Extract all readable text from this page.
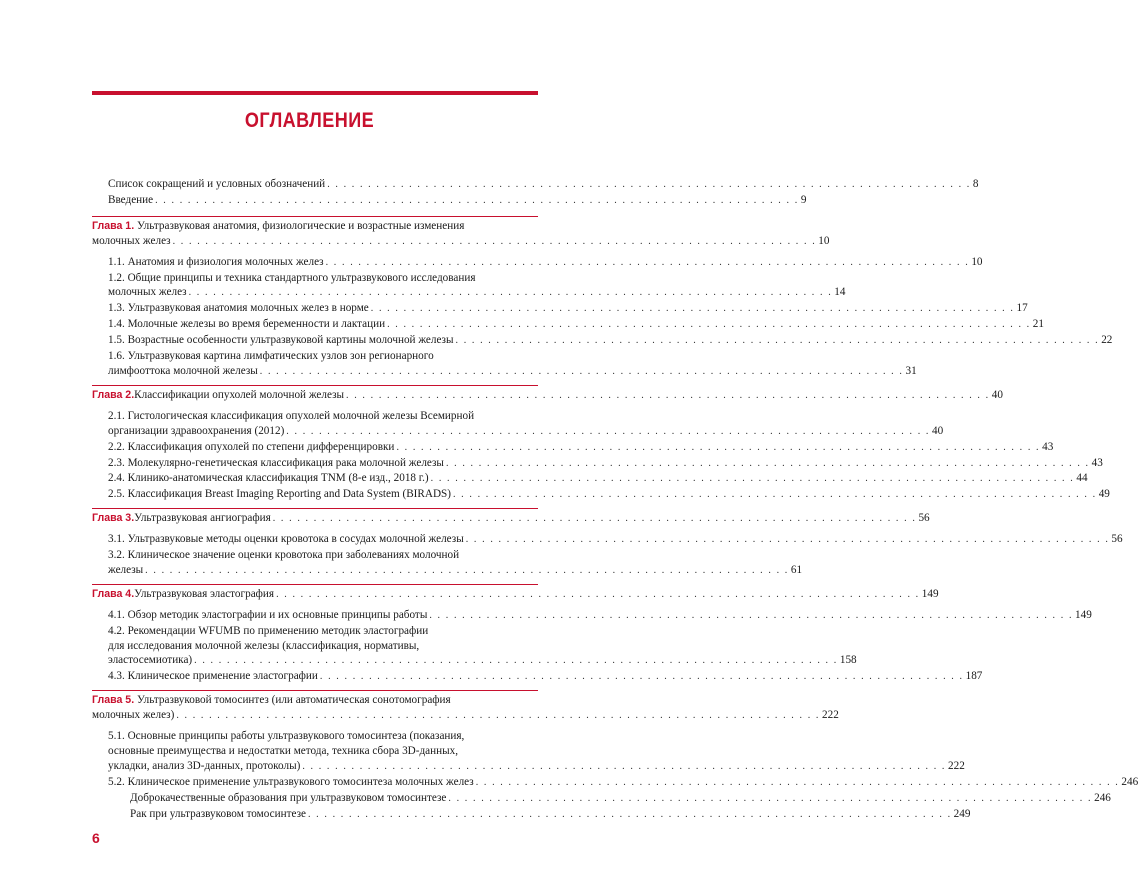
ОГЛАВЛЕНИЕ
Список сокращений и условных обозначений . . . . . . . . . . . . . . . . . . . . . . . . . . . . . . . . . . . . . . . . . . . . . . . . . . . . . . . . . . . . . . . . . . . . . . . . . . . . . . . 8
Введение . . . . . . . . . . . . . . . . . . . . . . . . . . . . . . . . . . . . . . . . . . . . . . . . . . . . . . . . . . . . . . . . . . . . . . . . . . . . . . . 9
Глава 1. Ультразвуковая анатомия, физиологические и возрастные изменения
молочных желез . . . . . . . . . . . . . . . . . . . . . . . . . . . . . . . . . . . . . . . . . . . . . . . . . . . . . . . . . . . . . . . . . . . . . . . . . . . . . . . 10
1.1. Анатомия и физиология молочных желез . . . . . . . . . . . . . . . . . . . . . . . . . . . . . . . . . . . . . . . . . . . . . . . . . . . . . . . . . . . . . . . . . . . . . . . . . . . . . . . 10
1.2. Общие принципы и техника стандартного ультразвукового исследования
молочных желез . . . . . . . . . . . . . . . . . . . . . . . . . . . . . . . . . . . . . . . . . . . . . . . . . . . . . . . . . . . . . . . . . . . . . . . . . . . . . . . 14
1.3. Ультразвуковая анатомия молочных желез в норме . . . . . . . . . . . . . . . . . . . . . . . . . . . . . . . . . . . . . . . . . . . . . . . . . . . . . . . . . . . . . . . . . . . . . . . . . . . . . . . 17
1.4. Молочные железы во время беременности и лактации . . . . . . . . . . . . . . . . . . . . . . . . . . . . . . . . . . . . . . . . . . . . . . . . . . . . . . . . . . . . . . . . . . . . . . . . . . . . . . . 21
1.5. Возрастные особенности ультразвуковой картины молочной железы . . . . . . . . . . . . . . . . . . . . . . . . . . . . . . . . . . . . . . . . . . . . . . . . . . . . . . . . . . . . . . . . . . . . . . . . . . . . . . . 22
1.6. Ультразвуковая картина лимфатических узлов зон регионарного
лимфооттока молочной железы . . . . . . . . . . . . . . . . . . . . . . . . . . . . . . . . . . . . . . . . . . . . . . . . . . . . . . . . . . . . . . . . . . . . . . . . . . . . . . . 31
Глава 2. Классификации опухолей молочной железы . . . . . . . . . . . . . . . . . . . . . . . . . . . . . . . . . . . . . . . . . . . . . . . . . . . . . . . . . . . . . . . . . . . . . . . . . . . . . . . 40
2.1. Гистологическая классификация опухолей молочной железы Всемирной
организации здравоохранения (2012) . . . . . . . . . . . . . . . . . . . . . . . . . . . . . . . . . . . . . . . . . . . . . . . . . . . . . . . . . . . . . . . . . . . . . . . . . . . . . . . 40
2.2. Классификация опухолей по степени дифференцировки . . . . . . . . . . . . . . . . . . . . . . . . . . . . . . . . . . . . . . . . . . . . . . . . . . . . . . . . . . . . . . . . . . . . . . . . . . . . . . . 43
2.3. Молекулярно-генетическая классификация рака молочной железы . . . . . . . . . . . . . . . . . . . . . . . . . . . . . . . . . . . . . . . . . . . . . . . . . . . . . . . . . . . . . . . . . . . . . . . . . . . . . . . 43
2.4. Клинико-анатомическая классификация TNM (8-е изд., 2018 г.) . . . . . . . . . . . . . . . . . . . . . . . . . . . . . . . . . . . . . . . . . . . . . . . . . . . . . . . . . . . . . . . . . . . . . . . . . . . . . . . 44
2.5. Классификация Breast Imaging Reporting and Data System (BIRADS) . . . . . . . . . . . . . . . . . . . . . . . . . . . . . . . . . . . . . . . . . . . . . . . . . . . . . . . . . . . . . . . . . . . . . . . . . . . . . . . 49
Глава 3. Ультразвуковая ангиография . . . . . . . . . . . . . . . . . . . . . . . . . . . . . . . . . . . . . . . . . . . . . . . . . . . . . . . . . . . . . . . . . . . . . . . . . . . . . . . 56
3.1. Ультразвуковые методы оценки кровотока в сосудах молочной железы . . . . . . . . . . . . . . . . . . . . . . . . . . . . . . . . . . . . . . . . . . . . . . . . . . . . . . . . . . . . . . . . . . . . . . . . . . . . . . . 56
3.2. Клиническое значение оценки кровотока при заболеваниях молочной
железы . . . . . . . . . . . . . . . . . . . . . . . . . . . . . . . . . . . . . . . . . . . . . . . . . . . . . . . . . . . . . . . . . . . . . . . . . . . . . . . 61
Глава 4. Ультразвуковая эластография . . . . . . . . . . . . . . . . . . . . . . . . . . . . . . . . . . . . . . . . . . . . . . . . . . . . . . . . . . . . . . . . . . . . . . . . . . . . . . . 149
4.1. Обзор методик эластографии и их основные принципы работы . . . . . . . . . . . . . . . . . . . . . . . . . . . . . . . . . . . . . . . . . . . . . . . . . . . . . . . . . . . . . . . . . . . . . . . . . . . . . . . 149
4.2. Рекомендации WFUMB по применению методик эластографии
для исследования молочной железы (классификация, нормативы,
эластосемиотика) . . . . . . . . . . . . . . . . . . . . . . . . . . . . . . . . . . . . . . . . . . . . . . . . . . . . . . . . . . . . . . . . . . . . . . . . . . . . . . . 158
4.3. Клиническое применение эластографии . . . . . . . . . . . . . . . . . . . . . . . . . . . . . . . . . . . . . . . . . . . . . . . . . . . . . . . . . . . . . . . . . . . . . . . . . . . . . . . 187
Глава 5. Ультразвуковой томосинтез (или автоматическая сонотомография
молочных желез) . . . . . . . . . . . . . . . . . . . . . . . . . . . . . . . . . . . . . . . . . . . . . . . . . . . . . . . . . . . . . . . . . . . . . . . . . . . . . . . 222
5.1. Основные принципы работы ультразвукового томосинтеза (показания,
основные преимущества и недостатки метода, техника сбора 3D-данных,
укладки, анализ 3D-данных, протоколы) . . . . . . . . . . . . . . . . . . . . . . . . . . . . . . . . . . . . . . . . . . . . . . . . . . . . . . . . . . . . . . . . . . . . . . . . . . . . . . . 222
5.2. Клиническое применение ультразвукового томосинтеза молочных желез . . . . . . . . . . . . . . . . . . . . . . . . . . . . . . . . . . . . . . . . . . . . . . . . . . . . . . . . . . . . . . . . . . . . . . . . . . . . . . . 246
Доброкачественные образования при ультразвуковом томосинтезе . . . . . . . . . . . . . . . . . . . . . . . . . . . . . . . . . . . . . . . . . . . . . . . . . . . . . . . . . . . . . . . . . . . . . . . . . . . . . . . 246
Рак при ультразвуковом томосинтезе . . . . . . . . . . . . . . . . . . . . . . . . . . . . . . . . . . . . . . . . . . . . . . . . . . . . . . . . . . . . . . . . . . . . . . . . . . . . . . . 249
6
